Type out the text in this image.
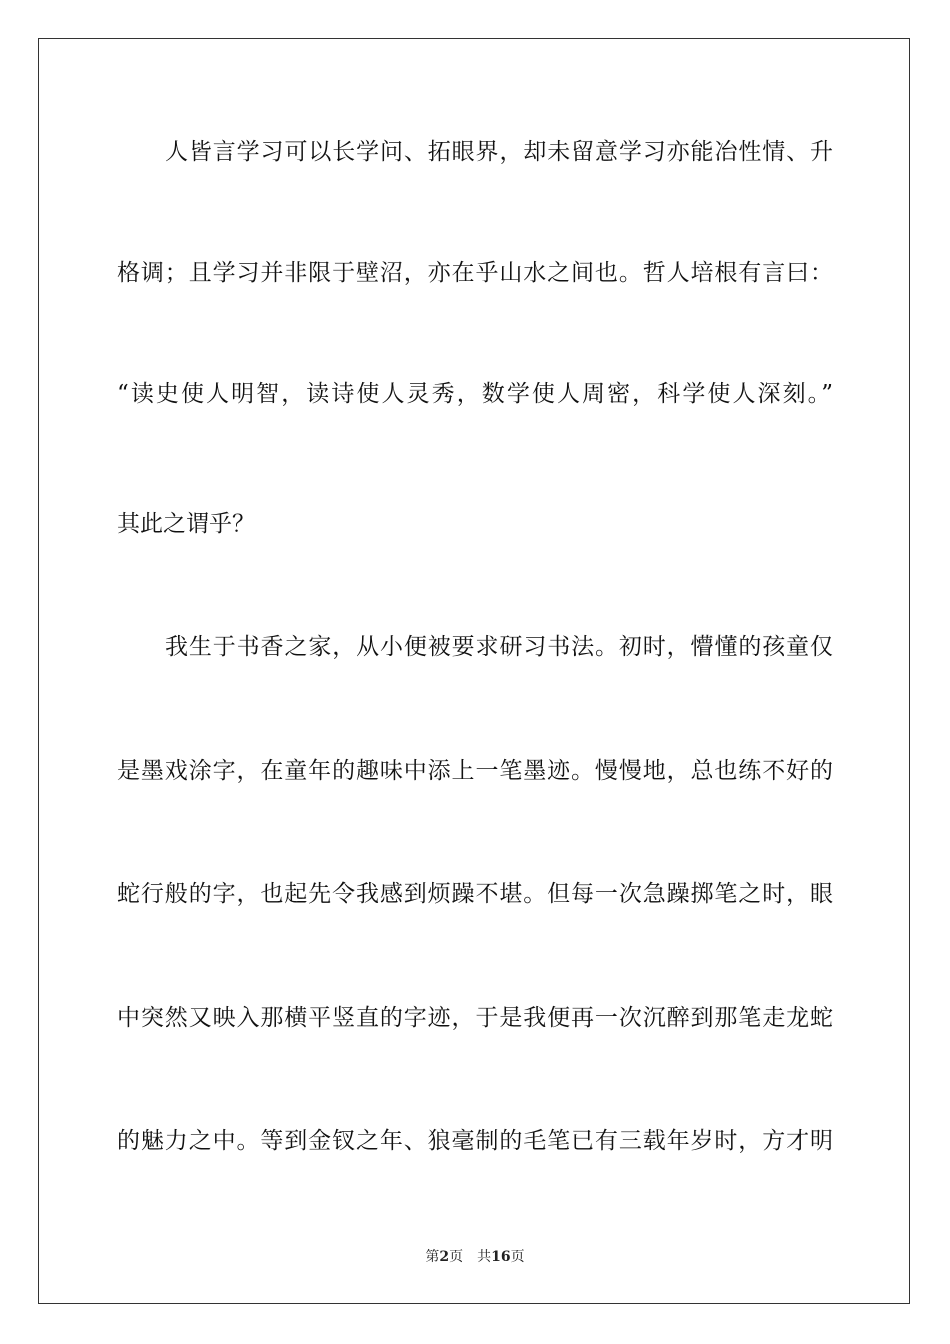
人皆言学习可以长学问、拓眼界，却未留意学习亦能冶性情、升
格调；且学习并非限于壁沼，亦在乎山水之间也。哲人培根有言曰：
“读史使人明智，读诗使人灵秀，数学使人周密，科学使人深刻。”
其此之谓乎？
我生于书香之家，从小便被要求研习书法。初时，懵懂的孩童仅
是墨戏涂字，在童年的趣味中添上一笔墨迹。慢慢地，总也练不好的
蛇行般的字，也起先令我感到烦躁不堪。但每一次急躁掷笔之时，眼
中突然又映入那横平竖直的字迹，于是我便再一次沉醉到那笔走龙蛇
的魅力之中。等到金钗之年、狼毫制的毛笔已有三载年岁时，方才明
第2页 共16页
